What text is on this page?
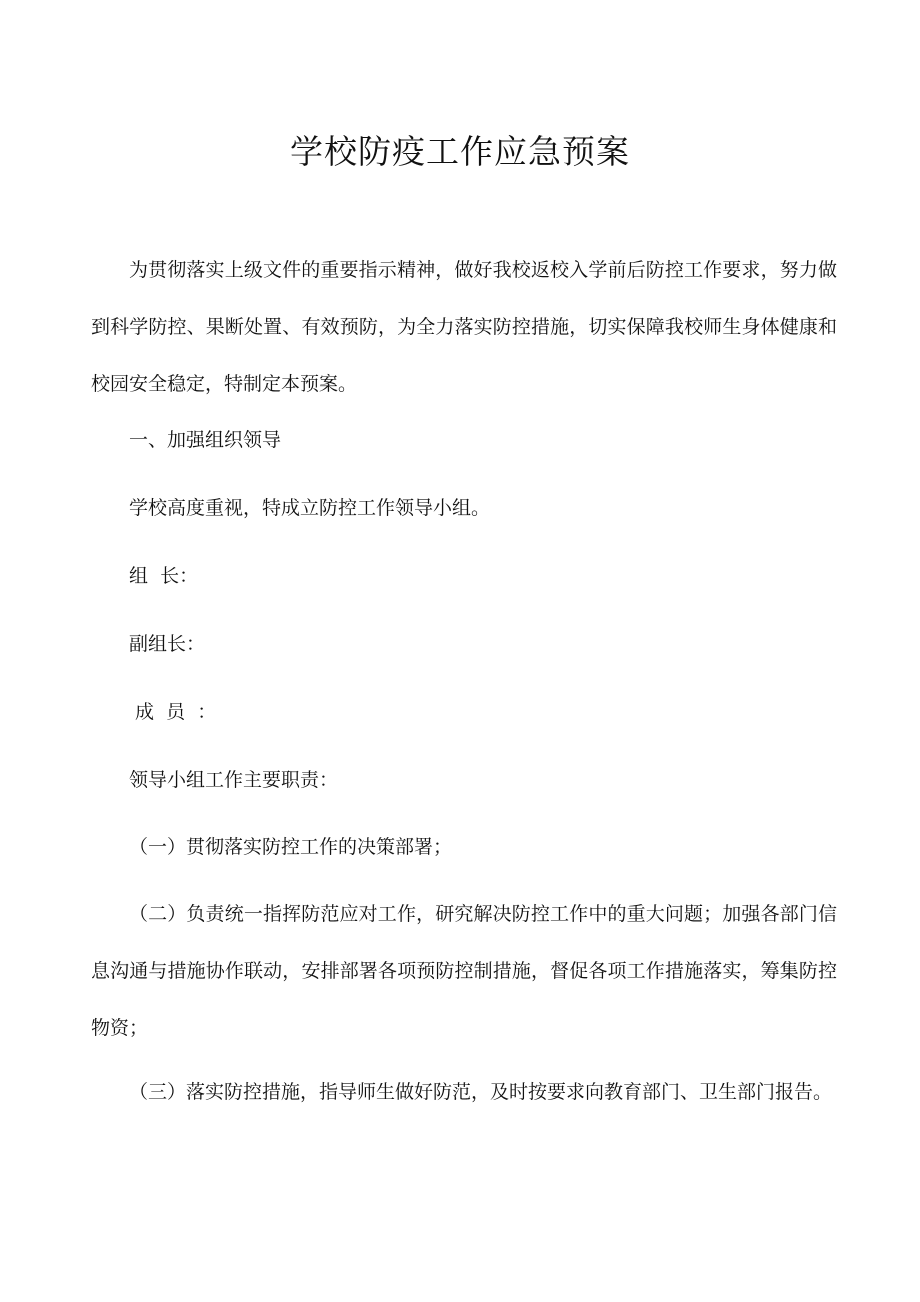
学校防疫工作应急预案

为贯彻落实上级文件的重要指示精神，做好我校返校入学前后防控工作要求，努力做到科学防控、果断处置、有效预防，为全力落实防控措施，切实保障我校师生身体健康和校园安全稳定，特制定本预案。

一、加强组织领导

学校高度重视，特成立防控工作领导小组。

组  长：

副组长：

成  员  ：

领导小组工作主要职责：

（一）贯彻落实防控工作的决策部署；

（二）负责统一指挥防范应对工作，研究解决防控工作中的重大问题；加强各部门信息沟通与措施协作联动，安排部署各项预防控制措施，督促各项工作措施落实，筹集防控物资；

（三）落实防控措施，指导师生做好防范，及时按要求向教育部门、卫生部门报告。
